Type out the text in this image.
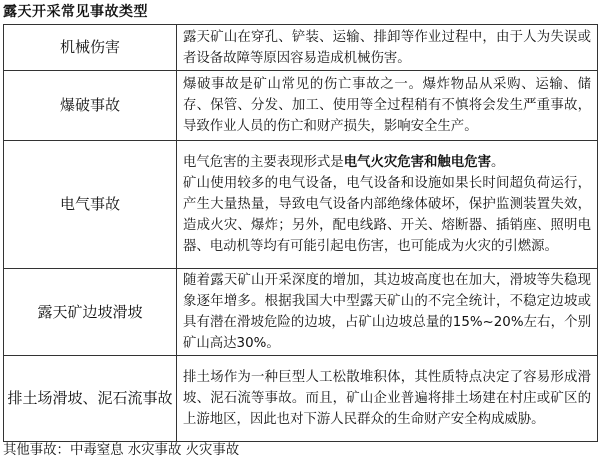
露天开采常见事故类型
机械伤害	露天矿山在穿孔、铲装、运输、排卸等作业过程中，由于人为失误或者设备故障等原因容易造成机械伤害。
爆破事故	爆破事故是矿山常见的伤亡事故之一。爆炸物品从采购、运输、储存、保管、分发、加工、使用等全过程稍有不慎将会发生严重事故，导致作业人员的伤亡和财产损失，影响安全生产。
电气事故	电气危害的主要表现形式是电气火灾危害和触电危害。
矿山使用较多的电气设备，电气设备和设施如果长时间超负荷运行，产生大量热量，导致电气设备内部绝缘体破坏，保护监测装置失效，造成火灾、爆炸；另外，配电线路、开关、熔断器、插销座、照明电器、电动机等均有可能引起电伤害，也可能成为火灾的引燃源。
露天矿边坡滑坡	随着露天矿山开采深度的增加，其边坡高度也在加大，滑坡等失稳现象逐年增多。根据我国大中型露天矿山的不完全统计，不稳定边坡或具有潜在滑坡危险的边坡，占矿山边坡总量的15%~20%左右，个别矿山高达30%。
排土场滑坡、泥石流事故	排土场作为一种巨型人工松散堆积体，其性质特点决定了容易形成滑坡、泥石流等事故。而且，矿山企业普遍将排土场建在村庄或矿区的上游地区，因此也对下游人民群众的生命财产安全构成威胁。
其他事故：中毒窒息 水灾事故 火灾事故
